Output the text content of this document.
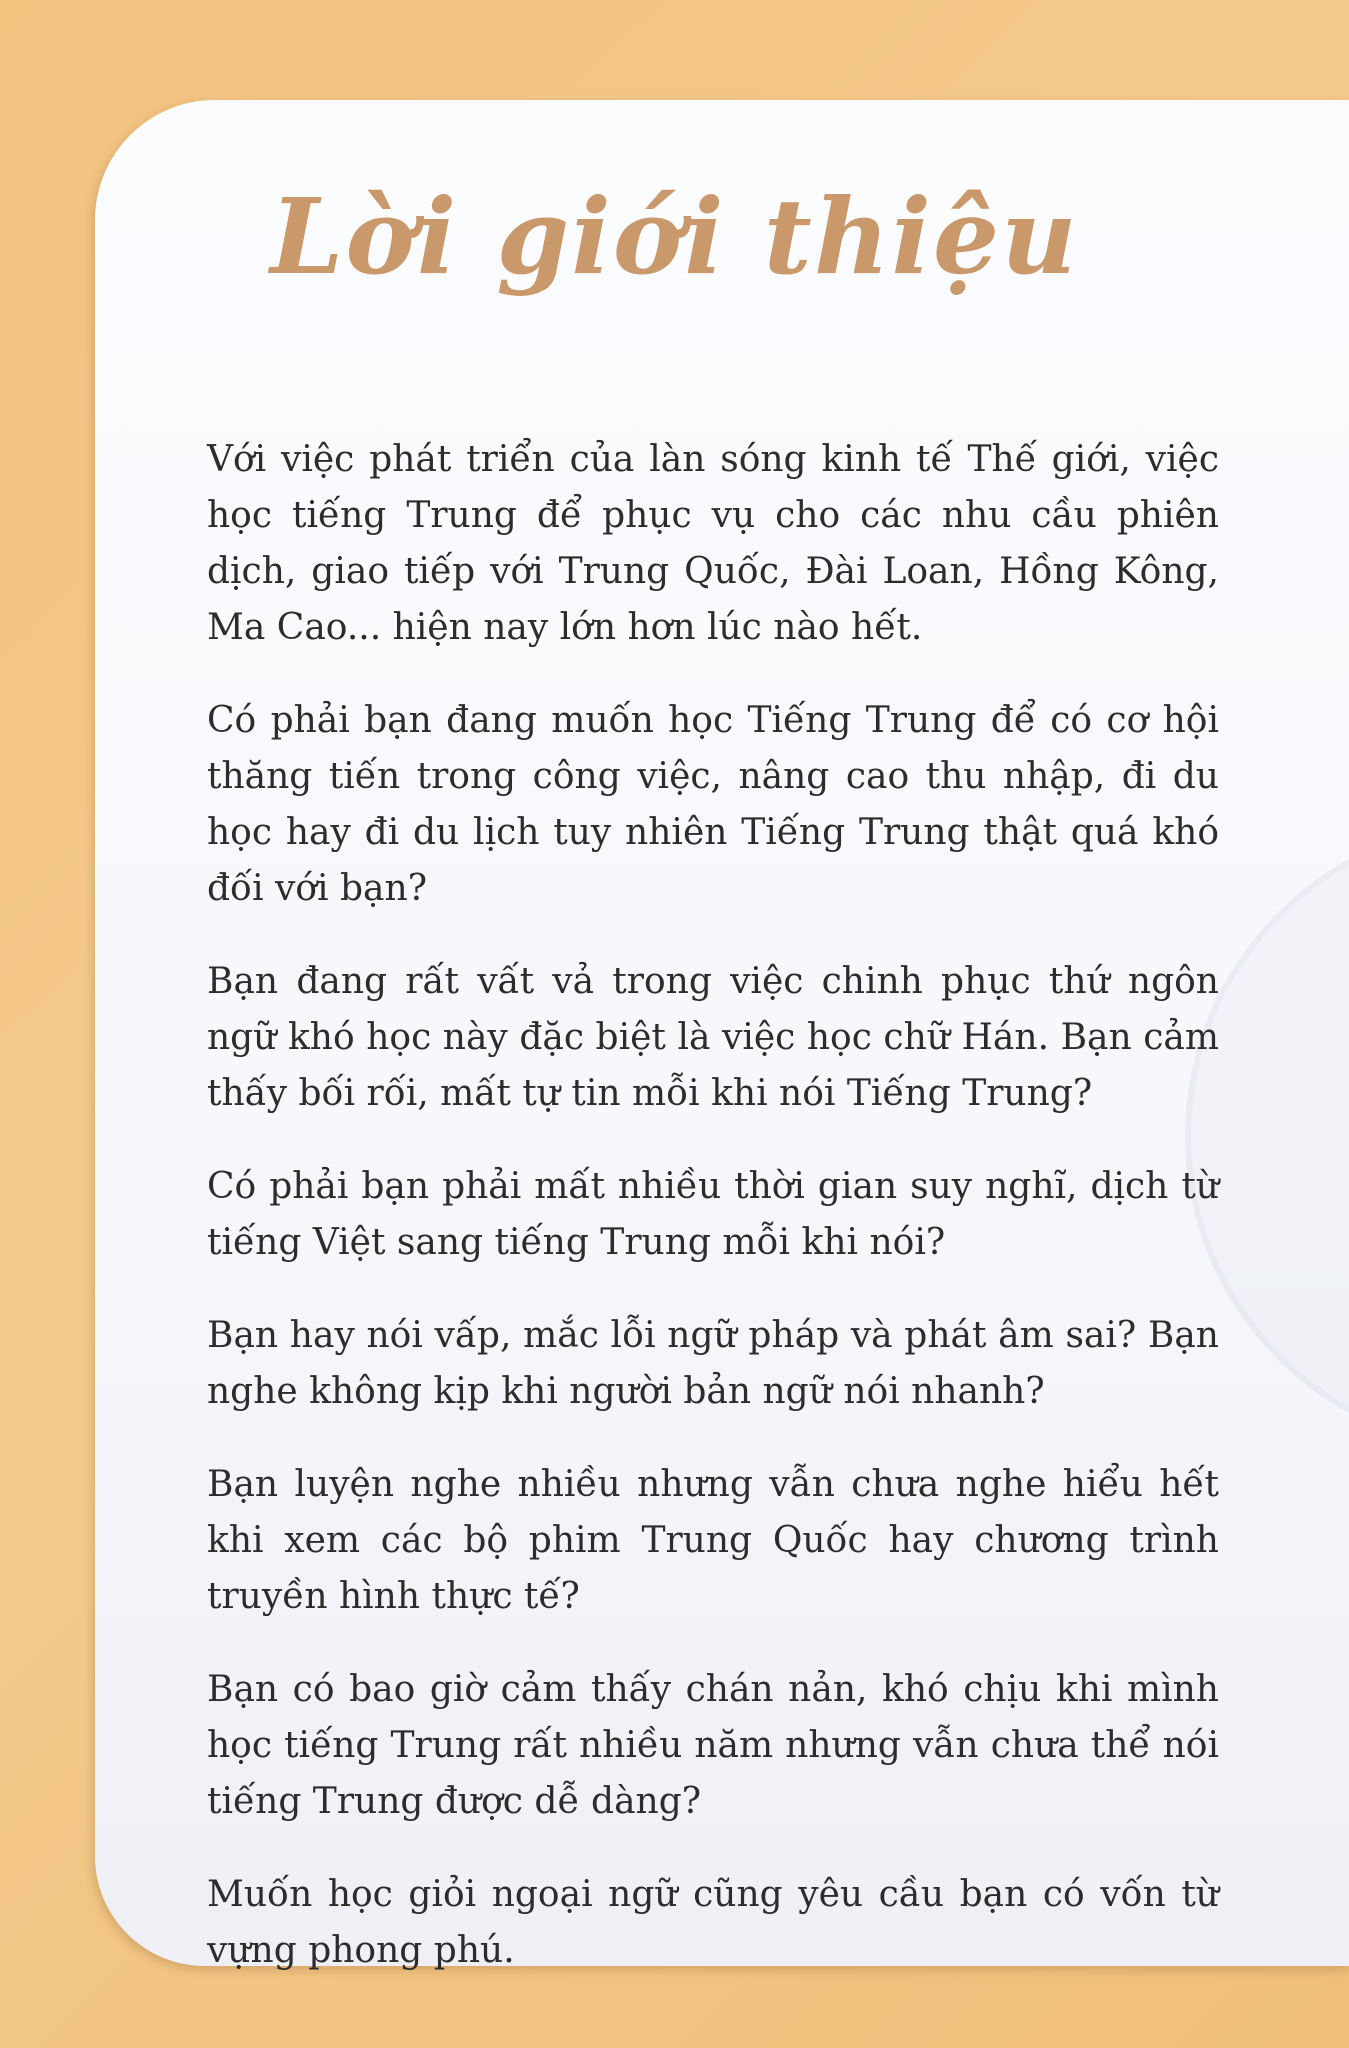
Lời giới thiệu

Với việc phát triển của làn sóng kinh tế Thế giới, việc học tiếng Trung để phục vụ cho các nhu cầu phiên dịch, giao tiếp với Trung Quốc, Đài Loan, Hồng Kông, Ma Cao... hiện nay lớn hơn lúc nào hết.

Có phải bạn đang muốn học Tiếng Trung để có cơ hội thăng tiến trong công việc, nâng cao thu nhập, đi du học hay đi du lịch tuy nhiên Tiếng Trung thật quá khó đối với bạn?

Bạn đang rất vất vả trong việc chinh phục thứ ngôn ngữ khó học này đặc biệt là việc học chữ Hán. Bạn cảm thấy bối rối, mất tự tin mỗi khi nói Tiếng Trung?

Có phải bạn phải mất nhiều thời gian suy nghĩ, dịch từ tiếng Việt sang tiếng Trung mỗi khi nói?

Bạn hay nói vấp, mắc lỗi ngữ pháp và phát âm sai? Bạn nghe không kịp khi người bản ngữ nói nhanh?

Bạn luyện nghe nhiều nhưng vẫn chưa nghe hiểu hết khi xem các bộ phim Trung Quốc hay chương trình truyền hình thực tế?

Bạn có bao giờ cảm thấy chán nản, khó chịu khi mình học tiếng Trung rất nhiều năm nhưng vẫn chưa thể nói tiếng Trung được dễ dàng?

Muốn học giỏi ngoại ngữ cũng yêu cầu bạn có vốn từ vựng phong phú.
